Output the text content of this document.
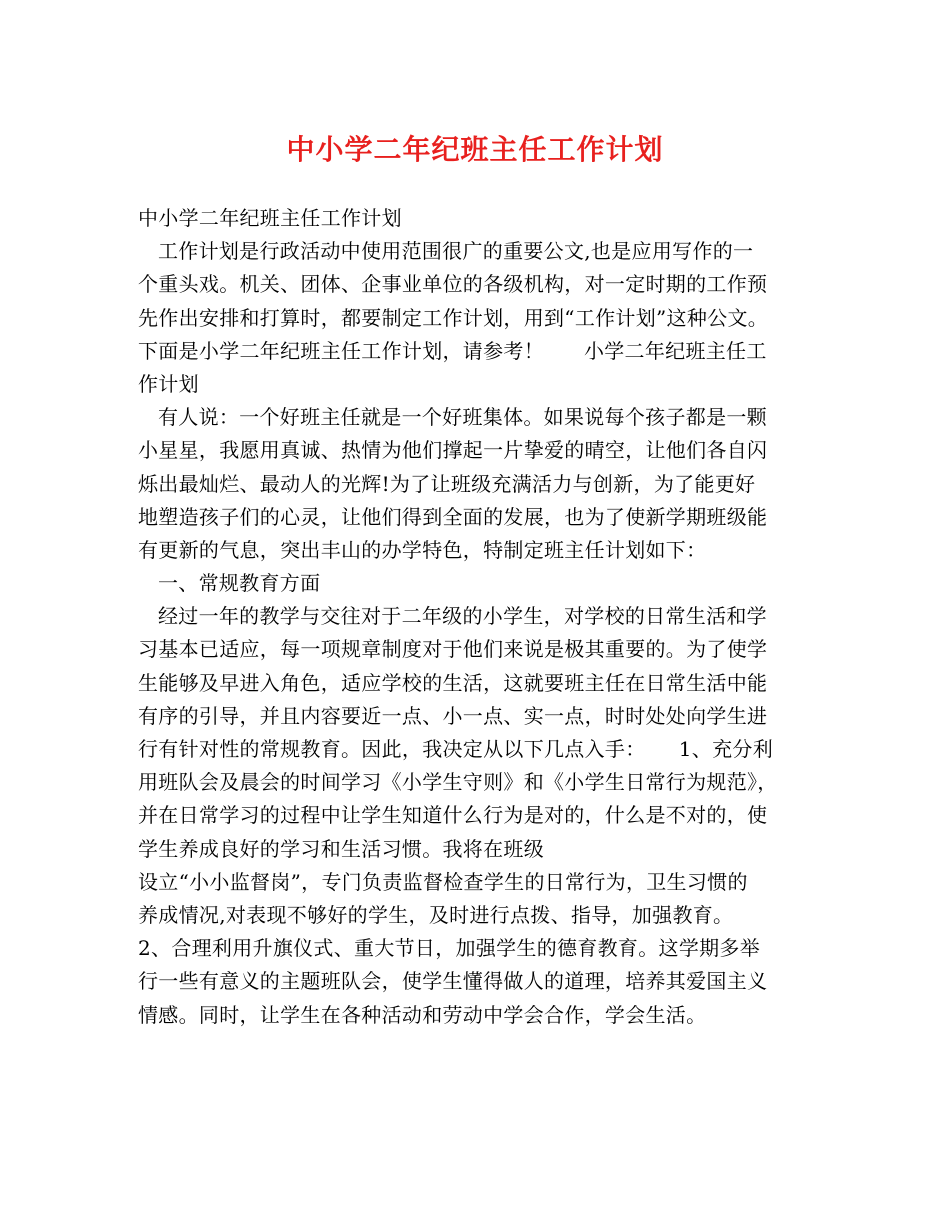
中小学二年纪班主任工作计划
中小学二年纪班主任工作计划
工作计划是行政活动中使用范围很广的重要公文,也是应用写作的一
个重头戏。机关、团体、企事业单位的各级机构，对一定时期的工作预
先作出安排和打算时，都要制定工作计划，用到“工作计划”这种公文。
下面是小学二年纪班主任工作计划，请参考！      小学二年纪班主任工
作计划
有人说：一个好班主任就是一个好班集体。如果说每个孩子都是一颗
小星星，我愿用真诚、热情为他们撑起一片挚爱的晴空，让他们各自闪
烁出最灿烂、最动人的光辉!为了让班级充满活力与创新，为了能更好
地塑造孩子们的心灵，让他们得到全面的发展，也为了使新学期班级能
有更新的气息，突出丰山的办学特色，特制定班主任计划如下：
一、常规教育方面
经过一年的教学与交往对于二年级的小学生，对学校的日常生活和学
习基本已适应，每一项规章制度对于他们来说是极其重要的。为了使学
生能够及早进入角色，适应学校的生活，这就要班主任在日常生活中能
有序的引导，并且内容要近一点、小一点、实一点，时时处处向学生进
行有针对性的常规教育。因此，我决定从以下几点入手：     1、充分利
用班队会及晨会的时间学习《小学生守则》和《小学生日常行为规范》，
并在日常学习的过程中让学生知道什么行为是对的，什么是不对的，使
学生养成良好的学习和生活习惯。我将在班级
设立“小小监督岗”，专门负责监督检查学生的日常行为，卫生习惯的
养成情况,对表现不够好的学生，及时进行点拨、指导，加强教育。
2、合理利用升旗仪式、重大节日，加强学生的德育教育。这学期多举
行一些有意义的主题班队会，使学生懂得做人的道理，培养其爱国主义
情感。同时，让学生在各种活动和劳动中学会合作，学会生活。
